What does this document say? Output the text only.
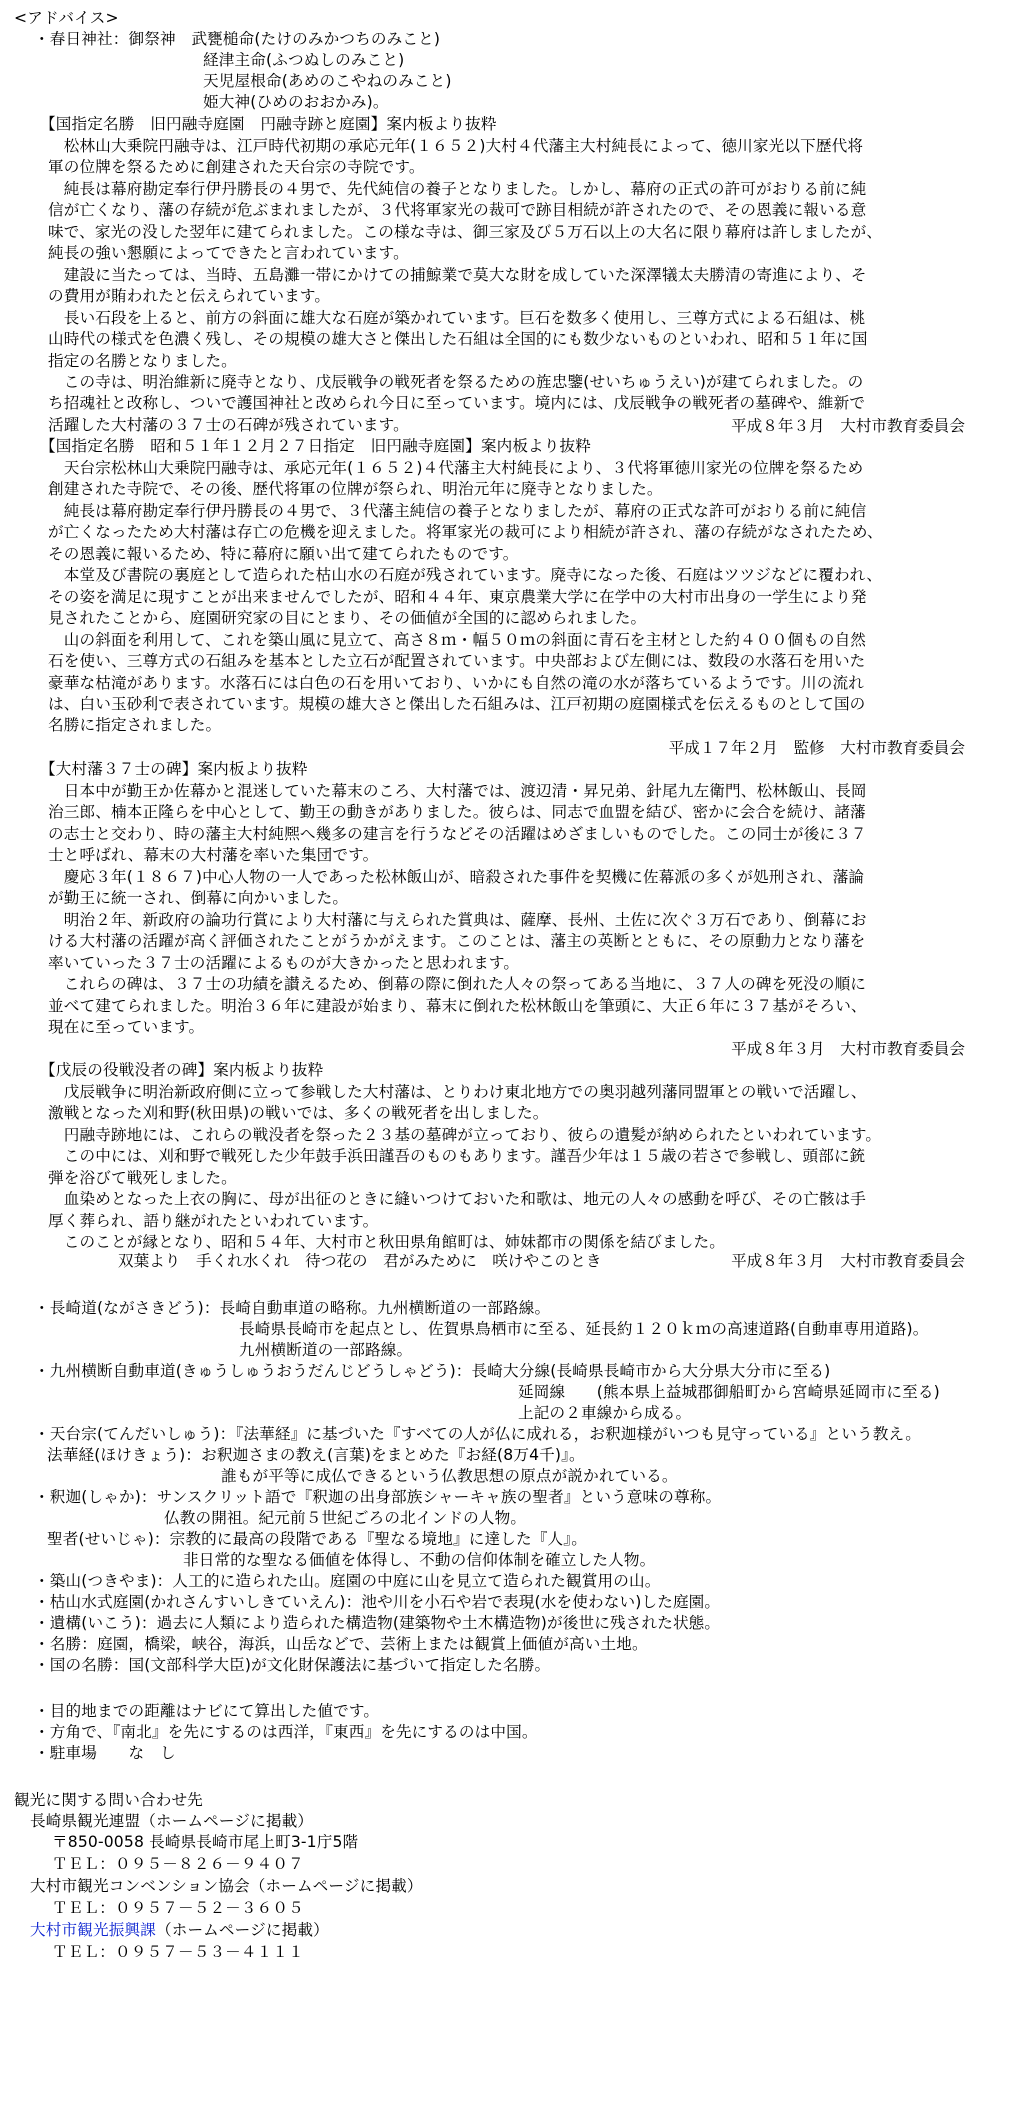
<アドバイス>
・春日神社：御祭神　武甕槌命(たけのみかつちのみこと)
経津主命(ふつぬしのみこと)
天児屋根命(あめのこやねのみこと)
姫大神(ひめのおおかみ)。
【国指定名勝　旧円融寺庭園　円融寺跡と庭園】案内板より抜粋
　松林山大乗院円融寺は、江戸時代初期の承応元年(１６５２)大村４代藩主大村純長によって、徳川家光以下歴代将
軍の位牌を祭るために創建された天台宗の寺院です。
　純長は幕府勘定奉行伊丹勝長の４男で、先代純信の養子となりました。しかし、幕府の正式の許可がおりる前に純
信が亡くなり、藩の存続が危ぶまれましたが、３代将軍家光の裁可で跡目相続が許されたので、その恩義に報いる意
味で、家光の没した翌年に建てられました。この様な寺は、御三家及び５万石以上の大名に限り幕府は許しましたが、
純長の強い懇願によってできたと言われています。
　建設に当たっては、当時、五島灘一帯にかけての捕鯨業で莫大な財を成していた深澤犠太夫勝清の寄進により、そ
の費用が賄われたと伝えられています。
　長い石段を上ると、前方の斜面に雄大な石庭が築かれています。巨石を数多く使用し、三尊方式による石組は、桃
山時代の様式を色濃く残し、その規模の雄大さと傑出した石組は全国的にも数少ないものといわれ、昭和５１年に国
指定の名勝となりました。
　この寺は、明治維新に廃寺となり、戊辰戦争の戦死者を祭るための旌忠鑒(せいちゅうえい)が建てられました。の
ち招魂社と改称し、ついで護国神社と改められ今日に至っています。境内には、戊辰戦争の戦死者の墓碑や、維新で
活躍した大村藩の３７士の石碑が残されています。	平成８年３月　大村市教育委員会
【国指定名勝　昭和５１年１２月２７日指定　旧円融寺庭園】案内板より抜粋
　天台宗松林山大乗院円融寺は、承応元年(１６５２)４代藩主大村純長により、３代将軍徳川家光の位牌を祭るため
創建された寺院で、その後、歴代将軍の位牌が祭られ、明治元年に廃寺となりました。
　純長は幕府勘定奉行伊丹勝長の４男で、３代藩主純信の養子となりましたが、幕府の正式な許可がおりる前に純信
が亡くなったため大村藩は存亡の危機を迎えました。将軍家光の裁可により相続が許され、藩の存続がなされたため、
その恩義に報いるため、特に幕府に願い出て建てられたものです。
　本堂及び書院の裏庭として造られた枯山水の石庭が残されています。廃寺になった後、石庭はツツジなどに覆われ、
その姿を満足に現すことが出来ませんでしたが、昭和４４年、東京農業大学に在学中の大村市出身の一学生により発
見されたことから、庭園研究家の目にとまり、その価値が全国的に認められました。
　山の斜面を利用して、これを築山風に見立て、高さ８ｍ・幅５０ｍの斜面に青石を主材とした約４００個もの自然
石を使い、三尊方式の石組みを基本とした立石が配置されています。中央部および左側には、数段の水落石を用いた
豪華な枯滝があります。水落石には白色の石を用いており、いかにも自然の滝の水が落ちているようです。川の流れ
は、白い玉砂利で表されています。規模の雄大さと傑出した石組みは、江戸初期の庭園様式を伝えるものとして国の
名勝に指定されました。
平成１７年２月　監修　大村市教育委員会
【大村藩３７士の碑】案内板より抜粋
　日本中が勤王か佐幕かと混迷していた幕末のころ、大村藩では、渡辺清・昇兄弟、針尾九左衛門、松林飯山、長岡
治三郎、楠本正隆らを中心として、勤王の動きがありました。彼らは、同志で血盟を結び、密かに会合を続け、諸藩
の志士と交わり、時の藩主大村純熈へ幾多の建言を行うなどその活躍はめざましいものでした。この同士が後に３７
士と呼ばれ、幕末の大村藩を率いた集団です。
　慶応３年(１８６７)中心人物の一人であった松林飯山が、暗殺された事件を契機に佐幕派の多くが処刑され、藩論
が勤王に統一され、倒幕に向かいました。
　明治２年、新政府の論功行賞により大村藩に与えられた賞典は、薩摩、長州、土佐に次ぐ３万石であり、倒幕にお
ける大村藩の活躍が高く評価されたことがうかがえます。このことは、藩主の英断とともに、その原動力となり藩を
率いていった３７士の活躍によるものが大きかったと思われます。
　これらの碑は、３７士の功績を讃えるため、倒幕の際に倒れた人々の祭ってある当地に、３７人の碑を死没の順に
並べて建てられました。明治３６年に建設が始まり、幕末に倒れた松林飯山を筆頭に、大正６年に３７基がそろい、
現在に至っています。
平成８年３月　大村市教育委員会
【戊辰の役戦没者の碑】案内板より抜粋
　戊辰戦争に明治新政府側に立って参戦した大村藩は、とりわけ東北地方での奥羽越列藩同盟軍との戦いで活躍し、
激戦となった刈和野(秋田県)の戦いでは、多くの戦死者を出しました。
　円融寺跡地には、これらの戦没者を祭った２３基の墓碑が立っており、彼らの遺髪が納められたといわれています。
　この中には、刈和野で戦死した少年鼓手浜田謹吾のものもあります。謹吾少年は１５歳の若さで参戦し、頭部に銃
弾を浴びて戦死しました。
　血染めとなった上衣の胸に、母が出征のときに縫いつけておいた和歌は、地元の人々の感動を呼び、その亡骸は手
厚く葬られ、語り継がれたといわれています。
　このことが縁となり、昭和５４年、大村市と秋田県角館町は、姉妹都市の関係を結びました。
双葉より　手くれ水くれ　待つ花の　君がみために　咲けやこのとき	平成８年３月　大村市教育委員会
・長崎道(ながさきどう)：長崎自動車道の略称。九州横断道の一部路線。
長崎県長崎市を起点とし、佐賀県鳥栖市に至る、延長約１２０ｋｍの高速道路(自動車専用道路)。
九州横断道の一部路線。
・九州横断自動車道(きゅうしゅうおうだんじどうしゃどう)：長崎大分線(長崎県長崎市から大分県大分市に至る)
延岡線　　(熊本県上益城郡御船町から宮崎県延岡市に至る)
上記の２車線から成る。
・天台宗(てんだいしゅう)：『法華経』に基づいた『すべての人が仏に成れる，お釈迦様がいつも見守っている』という教え。
法華経(ほけきょう)：お釈迦さまの教え(言葉)をまとめた『お経(8万4千)』。
誰もが平等に成仏できるという仏教思想の原点が説かれている。
・釈迦(しゃか)：サンスクリット語で『釈迦の出身部族シャーキャ族の聖者』という意味の尊称。
仏教の開祖。紀元前５世紀ごろの北インドの人物。
聖者(せいじゃ)：宗教的に最高の段階である『聖なる境地』に達した『人』。
非日常的な聖なる価値を体得し、不動の信仰体制を確立した人物。
・築山(つきやま)：人工的に造られた山。庭園の中庭に山を見立て造られた観賞用の山。
・枯山水式庭園(かれさんすいしきていえん)：池や川を小石や岩で表現(水を使わない)した庭園。
・遺構(いこう)：過去に人類により造られた構造物(建築物や土木構造物)が後世に残された状態。
・名勝：庭園，橋梁，峡谷，海浜，山岳などで、芸術上または観賞上価値が高い土地。
・国の名勝：国(文部科学大臣)が文化財保護法に基づいて指定した名勝。
・目的地までの距離はナビにて算出した値です。
・方角で、『南北』を先にするのは西洋，『東西』を先にするのは中国。
・駐車場　　な　し
観光に関する問い合わせ先
長崎県観光連盟（ホームページに掲載）
〒850-0058 長崎県長崎市尾上町3-1庁5階
ＴＥＬ：０９５－８２６－９４０７
大村市観光コンベンション協会（ホームページに掲載）
ＴＥＬ：０９５７－５２－３６０５
大村市観光振興課（ホームページに掲載）
ＴＥＬ：０９５７－５３－４１１１
